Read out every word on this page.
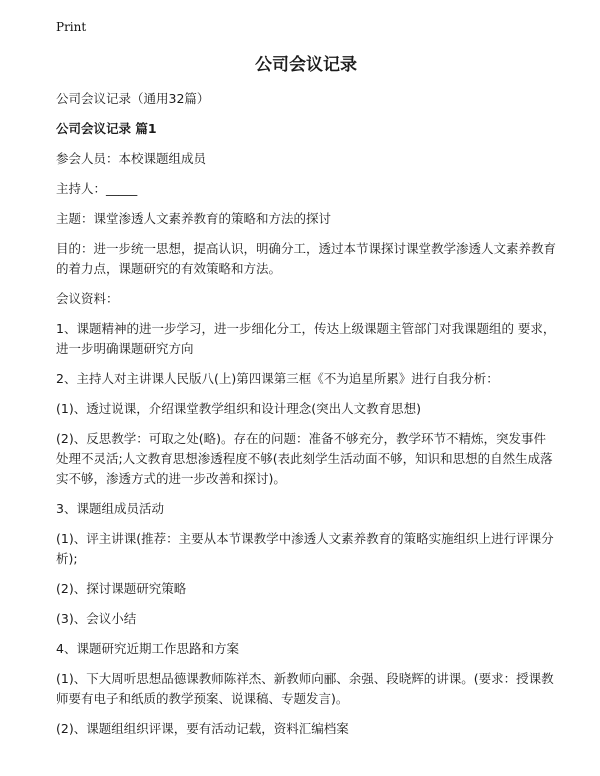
Print
公司会议记录
公司会议记录（通用32篇）
公司会议记录 篇1
参会人员：本校课题组成员
主持人：_____
主题：课堂渗透人文素养教育的策略和方法的探讨
目的：进一步统一思想，提高认识，明确分工，透过本节课探讨课堂教学渗透人文素养教育的着力点，课题研究的有效策略和方法。
会议资料：
1、课题精神的进一步学习，进一步细化分工，传达上级课题主管部门对我课题组的 要求，进一步明确课题研究方向
2、主持人对主讲课人民版八(上)第四课第三框《不为追星所累》进行自我分析：
(1)、透过说课，介绍课堂教学组织和设计理念(突出人文教育思想)
(2)、反思教学：可取之处(略)。存在的问题：准备不够充分，教学环节不精炼，突发事件处理不灵活;人文教育思想渗透程度不够(表此刻学生活动面不够，知识和思想的自然生成落实不够，渗透方式的进一步改善和探讨)。
3、课题组成员活动
(1)、评主讲课(推荐：主要从本节课教学中渗透人文素养教育的策略实施组织上进行评课分析);
(2)、探讨课题研究策略
(3)、会议小结
4、课题研究近期工作思路和方案
(1)、下大周听思想品德课教师陈祥杰、新教师向郦、余强、段晓辉的讲课。(要求：授课教师要有电子和纸质的教学预案、说课稿、专题发言)。
(2)、课题组组织评课，要有活动记载，资料汇编档案
